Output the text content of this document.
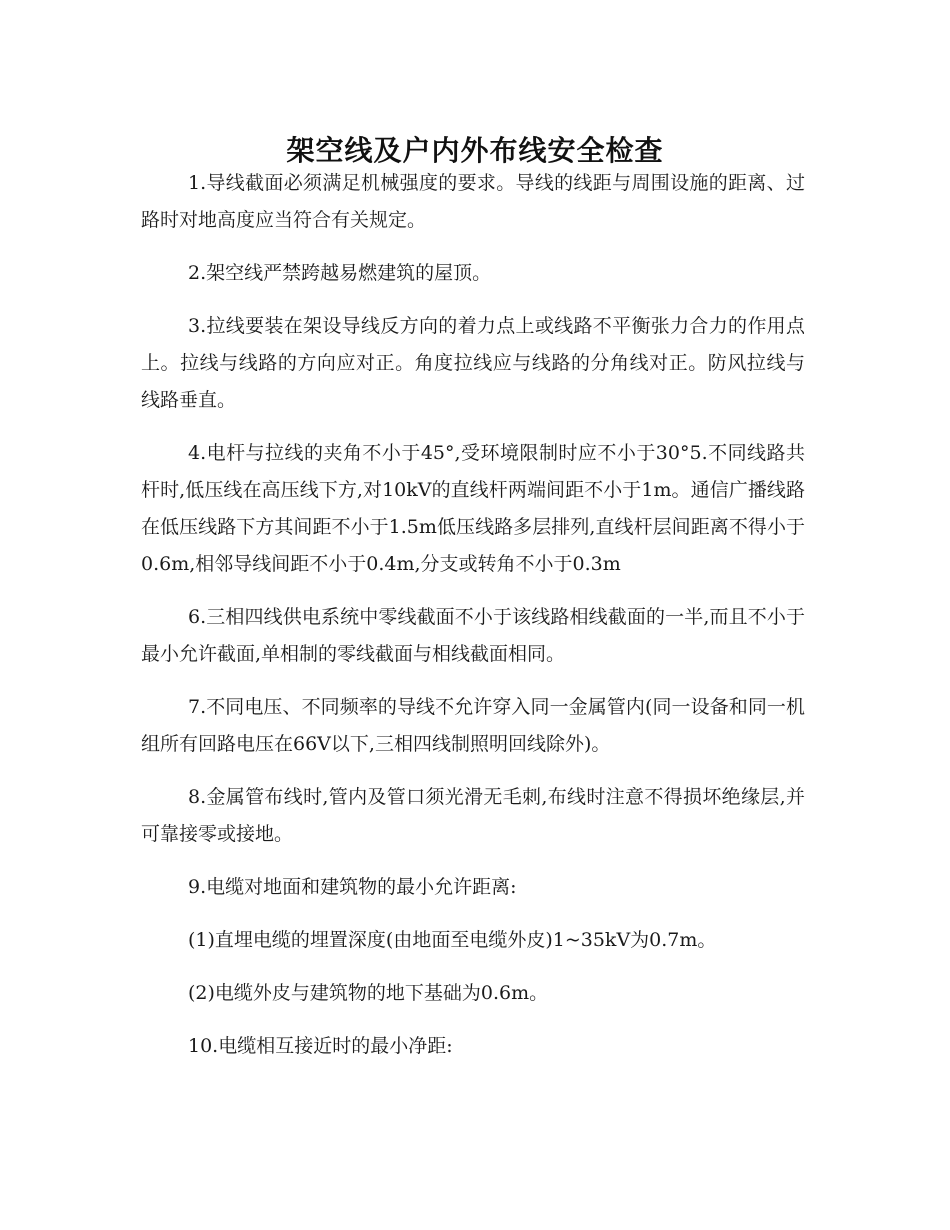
架空线及户内外布线安全检查

1.导线截面必须满足机械强度的要求。导线的线距与周围设施的距离、过路时对地高度应当符合有关规定。

2.架空线严禁跨越易燃建筑的屋顶。

3.拉线要装在架设导线反方向的着力点上或线路不平衡张力合力的作用点上。拉线与线路的方向应对正。角度拉线应与线路的分角线对正。防风拉线与线路垂直。

4.电杆与拉线的夹角不小于45°,受环境限制时应不小于30°5.不同线路共杆时,低压线在高压线下方,对10kV的直线杆两端间距不小于1m。通信广播线路在低压线路下方其间距不小于1.5m低压线路多层排列,直线杆层间距离不得小于0.6m,相邻导线间距不小于0.4m,分支或转角不小于0.3m

6.三相四线供电系统中零线截面不小于该线路相线截面的一半,而且不小于最小允许截面,单相制的零线截面与相线截面相同。

7.不同电压、不同频率的导线不允许穿入同一金属管内(同一设备和同一机组所有回路电压在66V以下,三相四线制照明回线除外)。

8.金属管布线时,管内及管口须光滑无毛刺,布线时注意不得损坏绝缘层,并可靠接零或接地。

9.电缆对地面和建筑物的最小允许距离:

(1)直埋电缆的埋置深度(由地面至电缆外皮)1~35kV为0.7m。

(2)电缆外皮与建筑物的地下基础为0.6m。

10.电缆相互接近时的最小净距:
